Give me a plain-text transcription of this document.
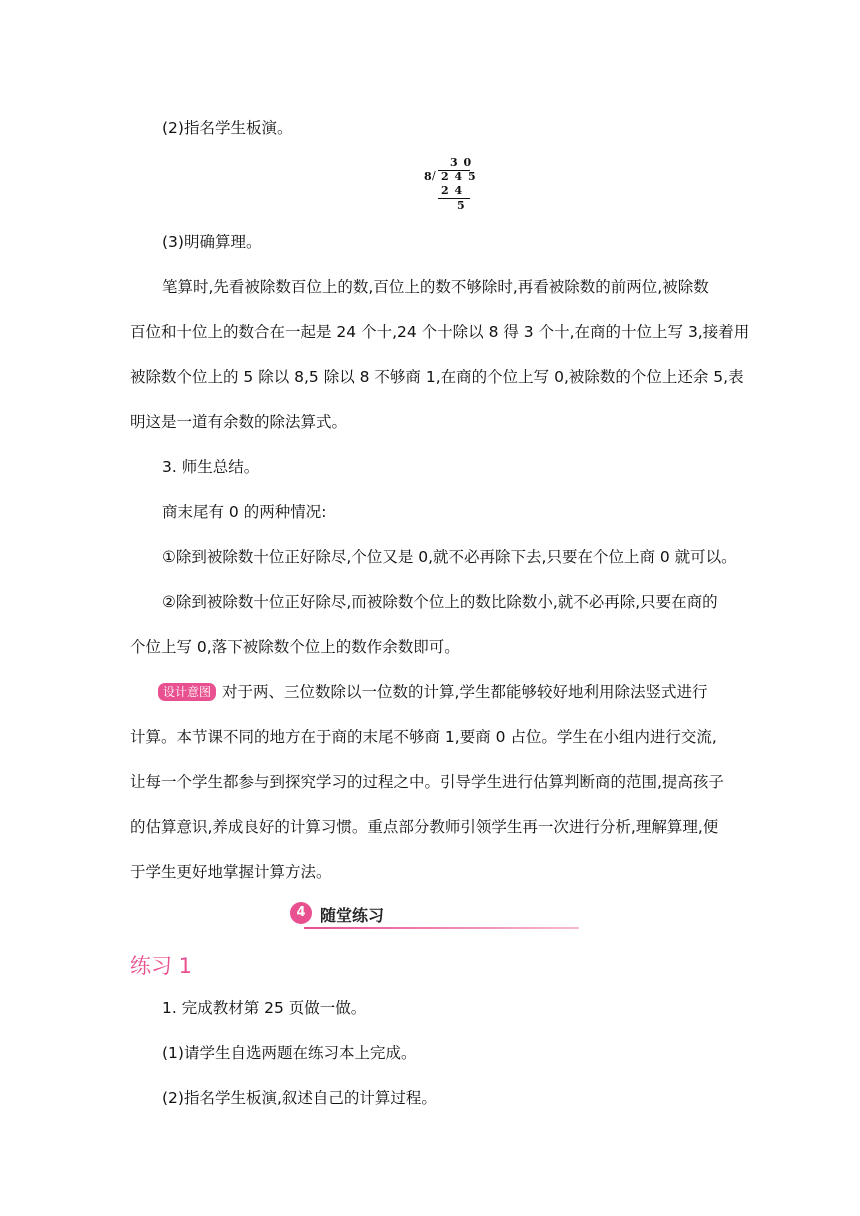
(2)指名学生板演。

3 0
8 / 2 4 5
2 4
5

(3)明确算理。

笔算时,先看被除数百位上的数,百位上的数不够除时,再看被除数的前两位,被除数

百位和十位上的数合在一起是 24 个十,24 个十除以 8 得 3 个十,在商的十位上写 3,接着用

被除数个位上的 5 除以 8,5 除以 8 不够商 1,在商的个位上写 0,被除数的个位上还余 5,表

明这是一道有余数的除法算式。

3. 师生总结。

商末尾有 0 的两种情况:

①除到被除数十位正好除尽,个位又是 0,就不必再除下去,只要在个位上商 0 就可以。

②除到被除数十位正好除尽,而被除数个位上的数比除数小,就不必再除,只要在商的

个位上写 0,落下被除数个位上的数作余数即可。

设计意图 对于两、三位数除以一位数的计算,学生都能够较好地利用除法竖式进行

计算。本节课不同的地方在于商的末尾不够商 1,要商 0 占位。学生在小组内进行交流,

让每一个学生都参与到探究学习的过程之中。引导学生进行估算判断商的范围,提高孩子

的估算意识,养成良好的计算习惯。重点部分教师引领学生再一次进行分析,理解算理,便

于学生更好地掌握计算方法。

4 随堂练习
练习 1

1. 完成教材第 25 页做一做。

(1)请学生自选两题在练习本上完成。

(2)指名学生板演,叙述自己的计算过程。
